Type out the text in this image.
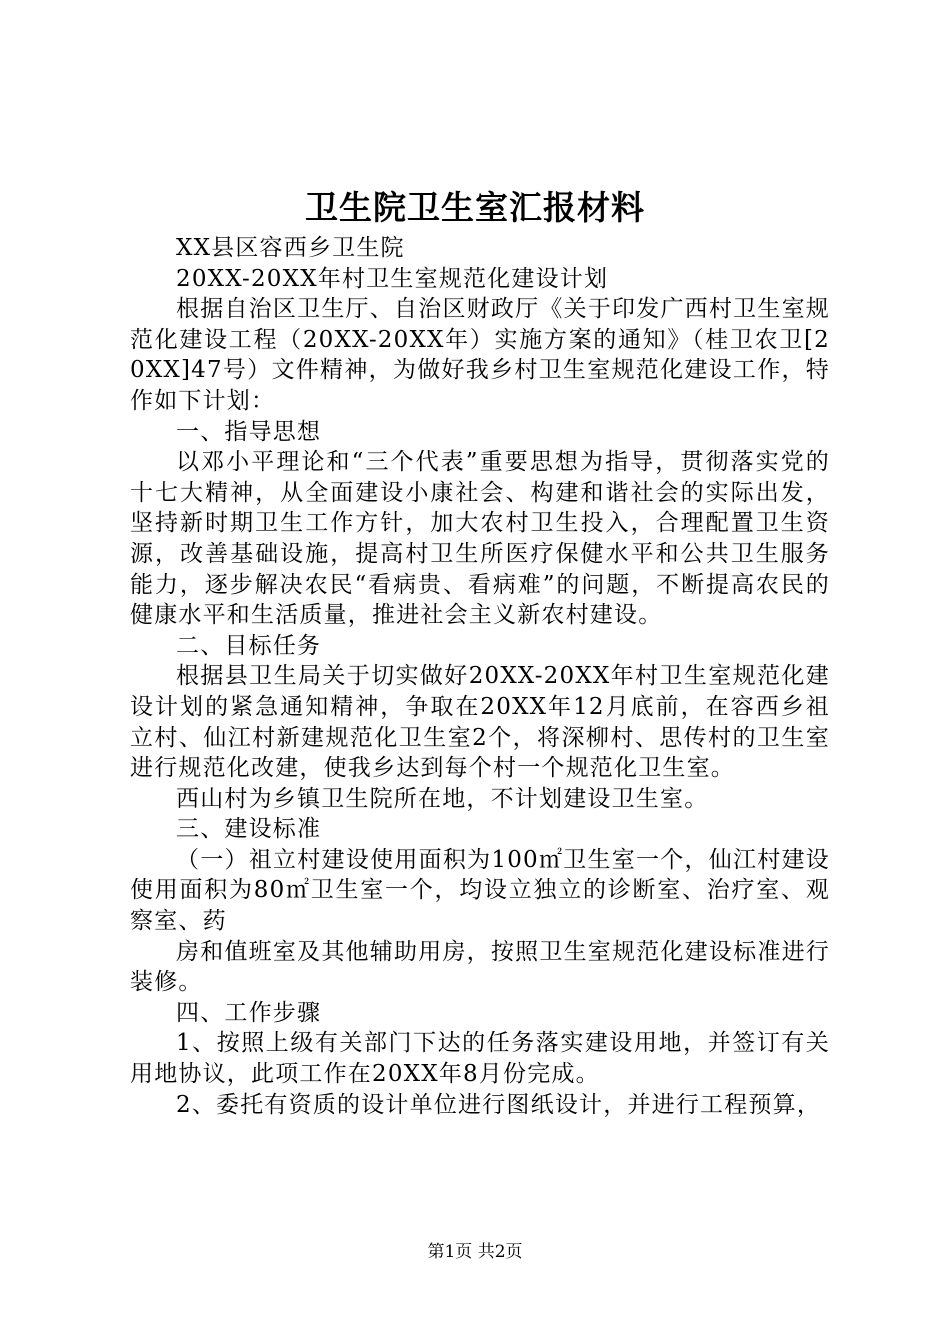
卫生院卫生室汇报材料

XX县区容西乡卫生院

20XX-20XX年村卫生室规范化建设计划

根据自治区卫生厅、自治区财政厅《关于印发广西村卫生室规范化建设工程（20XX-20XX年）实施方案的通知》（桂卫农卫[20XX]47号）文件精神，为做好我乡村卫生室规范化建设工作，特作如下计划：

一、指导思想

以邓小平理论和“三个代表”重要思想为指导，贯彻落实党的十七大精神，从全面建设小康社会、构建和谐社会的实际出发，坚持新时期卫生工作方针，加大农村卫生投入，合理配置卫生资源，改善基础设施，提高村卫生所医疗保健水平和公共卫生服务能力，逐步解决农民“看病贵、看病难”的问题，不断提高农民的健康水平和生活质量，推进社会主义新农村建设。

二、目标任务

根据县卫生局关于切实做好20XX-20XX年村卫生室规范化建设计划的紧急通知精神，争取在20XX年12月底前，在容西乡祖立村、仙江村新建规范化卫生室2个，将深柳村、思传村的卫生室进行规范化改建，使我乡达到每个村一个规范化卫生室。

西山村为乡镇卫生院所在地，不计划建设卫生室。

三、建设标准

（一）祖立村建设使用面积为100㎡卫生室一个，仙江村建设使用面积为80㎡卫生室一个，均设立独立的诊断室、治疗室、观察室、药

房和值班室及其他辅助用房，按照卫生室规范化建设标准进行装修。

四、工作步骤

1、按照上级有关部门下达的任务落实建设用地，并签订有关用地协议，此项工作在20XX年8月份完成。

2、委托有资质的设计单位进行图纸设计，并进行工程预算，

第1页 共2页
